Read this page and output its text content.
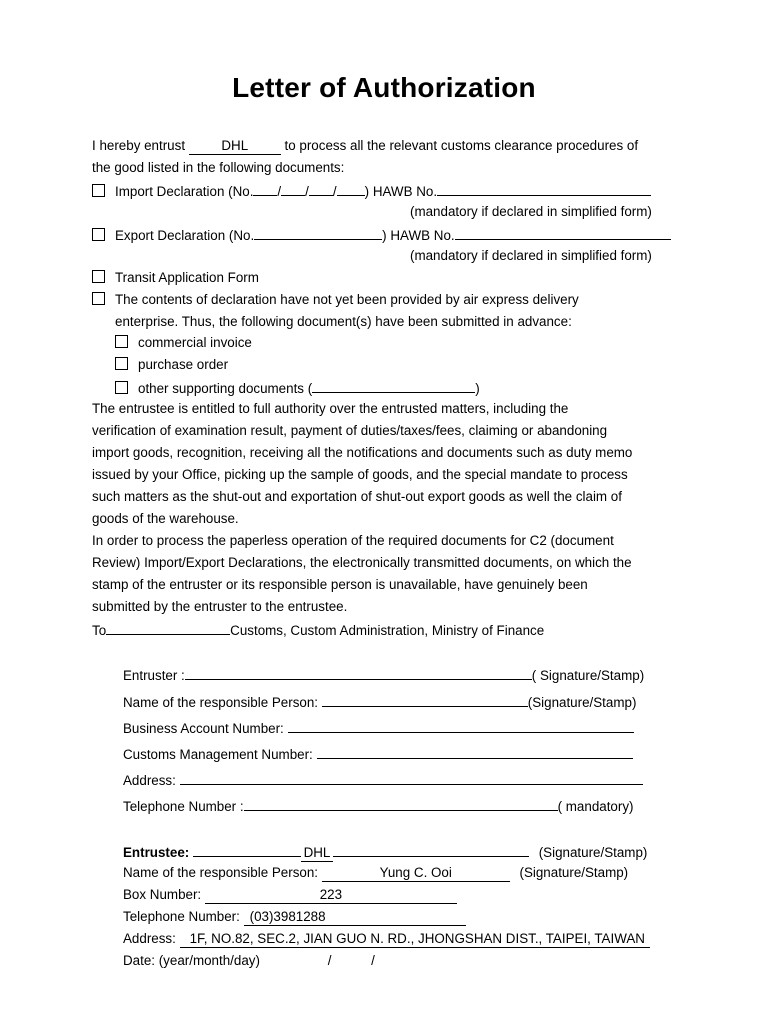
Letter of Authorization
I hereby entrust	DHL	to process all the relevant customs clearance procedures of
the good listed in the following documents:
Import Declaration (No. / / / ) HAWB No.
(mandatory if declared in simplified form)
Export Declaration (No.	) HAWB No.
(mandatory if declared in simplified form)
Transit Application Form
The contents of declaration have not yet been provided by air express delivery
enterprise. Thus, the following document(s) have been submitted in advance:
commercial invoice
purchase order
other supporting documents (	)
The entrustee is entitled to full authority over the entrusted matters, including the
verification of examination result, payment of duties/taxes/fees, claiming or abandoning
import goods, recognition, receiving all the notifications and documents such as duty memo
issued by your Office, picking up the sample of goods, and the special mandate to process
such matters as the shut-out and exportation of shut-out export goods as well the claim of
goods of the warehouse.
In order to process the paperless operation of the required documents for C2 (document
Review) Import/Export Declarations, the electronically transmitted documents, on which the
stamp of the entruster or its responsible person is unavailable, have genuinely been
submitted by the entruster to the entrustee.
To	Customs, Custom Administration, Ministry of Finance
Entruster :	( Signature/Stamp)
Name of the responsible Person:	(Signature/Stamp)
Business Account Number:
Customs Management Number:
Address:
Telephone Number :	( mandatory)
Entrustee:	DHL	(Signature/Stamp)
Name of the responsible Person:	Yung C. Ooi	(Signature/Stamp)
Box Number:	223
Telephone Number: (03)3981288
Address: 1F, NO.82, SEC.2, JIAN GUO N. RD., JHONGSHAN DIST., TAIPEI, TAIWAN
Date: (year/month/day)	/	/
